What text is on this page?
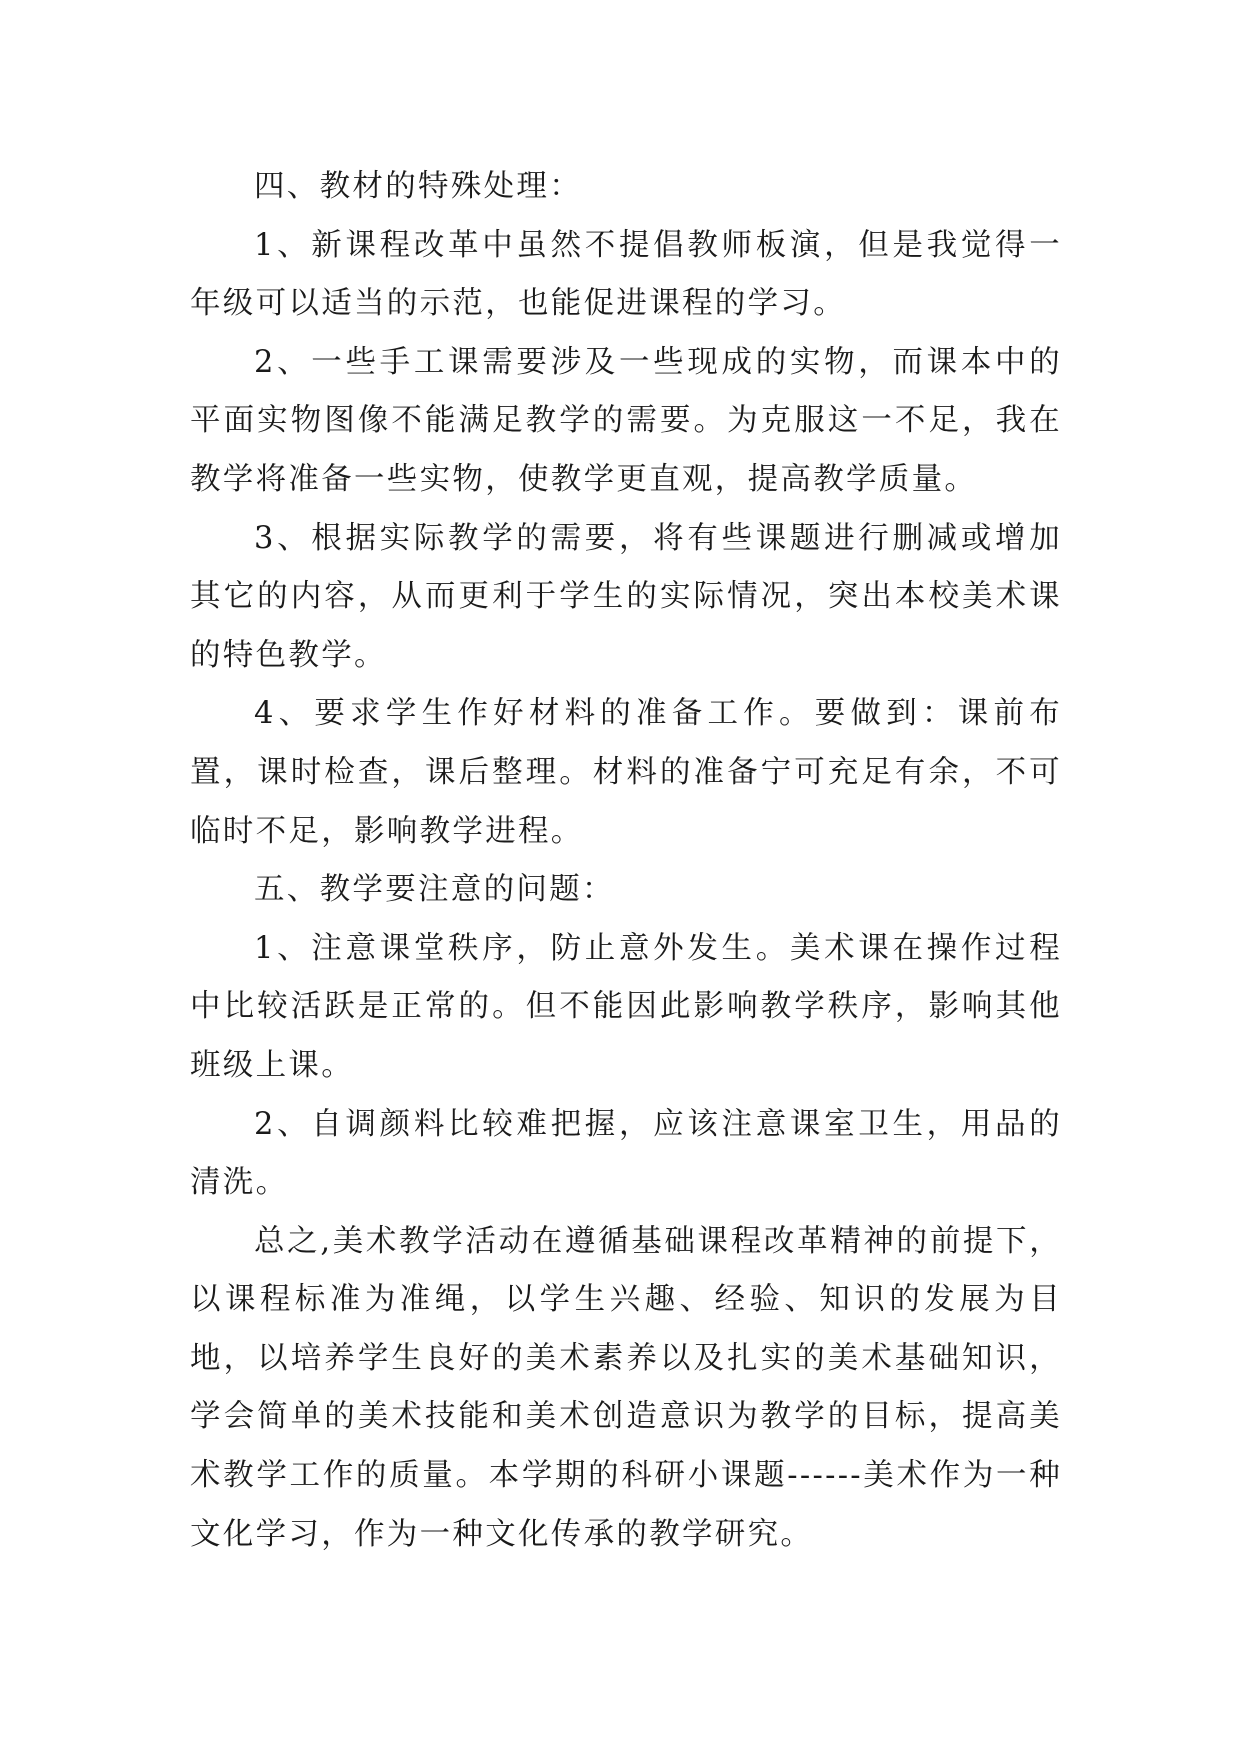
四、教材的特殊处理：

1、新课程改革中虽然不提倡教师板演，但是我觉得一年级可以适当的示范，也能促进课程的学习。

2、一些手工课需要涉及一些现成的实物，而课本中的平面实物图像不能满足教学的需要。为克服这一不足，我在教学将准备一些实物，使教学更直观，提高教学质量。

3、根据实际教学的需要，将有些课题进行删减或增加其它的内容，从而更利于学生的实际情况，突出本校美术课的特色教学。

4、要求学生作好材料的准备工作。要做到：课前布置，课时检查，课后整理。材料的准备宁可充足有余，不可临时不足，影响教学进程。

五、教学要注意的问题：

1、注意课堂秩序，防止意外发生。美术课在操作过程中比较活跃是正常的。但不能因此影响教学秩序，影响其他班级上课。

2、自调颜料比较难把握，应该注意课室卫生，用品的清洗。

总之,美术教学活动在遵循基础课程改革精神的前提下，以课程标准为准绳，以学生兴趣、经验、知识的发展为目地，以培养学生良好的美术素养以及扎实的美术基础知识，学会简单的美术技能和美术创造意识为教学的目标，提高美术教学工作的质量。本学期的科研小课题------美术作为一种文化学习，作为一种文化传承的教学研究。
